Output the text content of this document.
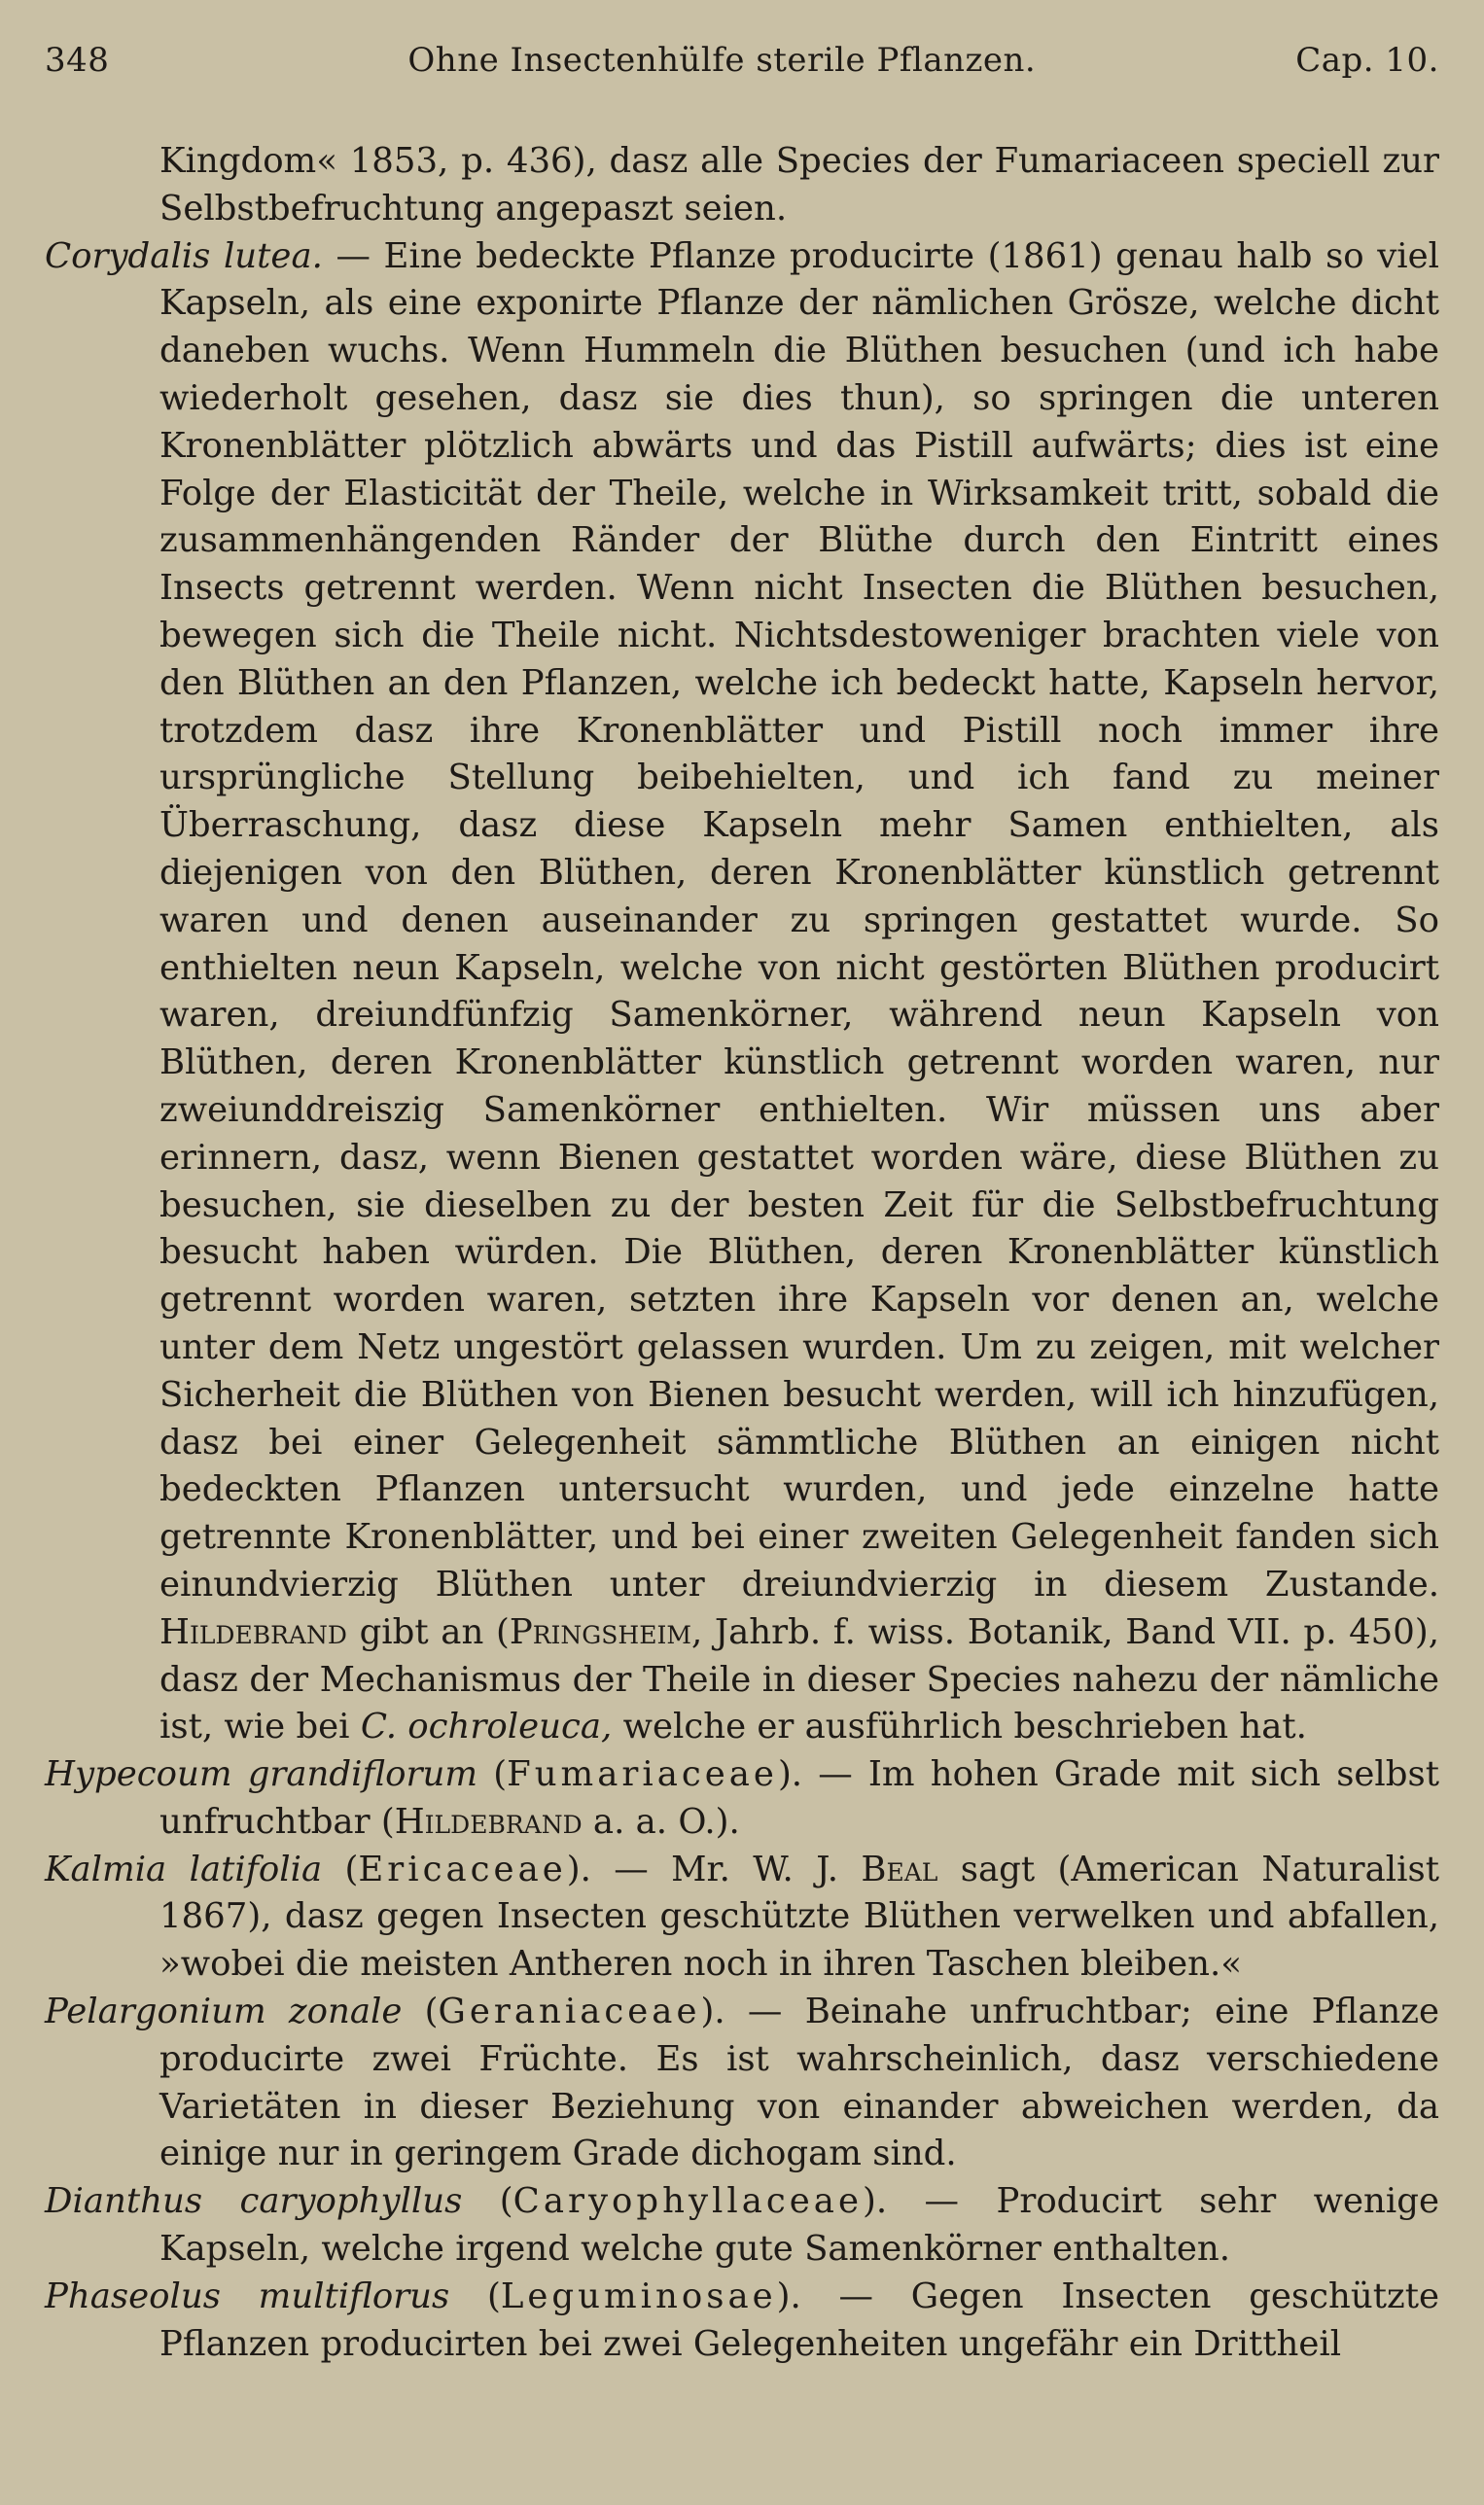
348	Ohne Insectenhülfe sterile Pflanzen.	Cap. 10.

Kingdom« 1853, p. 436), dasz alle Species der Fumariaceen speciell zur Selbstbefruchtung angepaszt seien.

Corydalis lutea. — Eine bedeckte Pflanze producirte (1861) genau halb so viel Kapseln, als eine exponirte Pflanze der nämlichen Grösze, welche dicht daneben wuchs. Wenn Hummeln die Blüthen besuchen (und ich habe wiederholt gesehen, dasz sie dies thun), so springen die unteren Kronenblätter plötzlich abwärts und das Pistill aufwärts; dies ist eine Folge der Elasticität der Theile, welche in Wirksamkeit tritt, sobald die zusammenhängenden Ränder der Blüthe durch den Eintritt eines Insects getrennt werden. Wenn nicht Insecten die Blüthen besuchen, bewegen sich die Theile nicht. Nichtsdestoweniger brachten viele von den Blüthen an den Pflanzen, welche ich bedeckt hatte, Kapseln hervor, trotzdem dasz ihre Kronenblätter und Pistill noch immer ihre ursprüngliche Stellung beibehielten, und ich fand zu meiner Überraschung, dasz diese Kapseln mehr Samen enthielten, als diejenigen von den Blüthen, deren Kronenblätter künstlich getrennt waren und denen auseinander zu springen gestattet wurde. So enthielten neun Kapseln, welche von nicht gestörten Blüthen producirt waren, dreiundfünfzig Samenkörner, während neun Kapseln von Blüthen, deren Kronenblätter künstlich getrennt worden waren, nur zweiunddreiszig Samenkörner enthielten. Wir müssen uns aber erinnern, dasz, wenn Bienen gestattet worden wäre, diese Blüthen zu besuchen, sie dieselben zu der besten Zeit für die Selbstbefruchtung besucht haben würden. Die Blüthen, deren Kronenblätter künstlich getrennt worden waren, setzten ihre Kapseln vor denen an, welche unter dem Netz ungestört gelassen wurden. Um zu zeigen, mit welcher Sicherheit die Blüthen von Bienen besucht werden, will ich hinzufügen, dasz bei einer Gelegenheit sämmtliche Blüthen an einigen nicht bedeckten Pflanzen untersucht wurden, und jede einzelne hatte getrennte Kronenblätter, und bei einer zweiten Gelegenheit fanden sich einundvierzig Blüthen unter dreiundvierzig in diesem Zustande. Hildebrand gibt an (Pringsheim, Jahrb. f. wiss. Botanik, Band VII. p. 450), dasz der Mechanismus der Theile in dieser Species nahezu der nämliche ist, wie bei C. ochroleuca, welche er ausführlich beschrieben hat.

Hypecoum grandiflorum (Fumariaceae). — Im hohen Grade mit sich selbst unfruchtbar (Hildebrand a. a. O.).

Kalmia latifolia (Ericaceae). — Mr. W. J. Beal sagt (American Naturalist 1867), dasz gegen Insecten geschützte Blüthen verwelken und abfallen, »wobei die meisten Antheren noch in ihren Taschen bleiben.«

Pelargonium zonale (Geraniaceae). — Beinahe unfruchtbar; eine Pflanze producirte zwei Früchte. Es ist wahrscheinlich, dasz verschiedene Varietäten in dieser Beziehung von einander abweichen werden, da einige nur in geringem Grade dichogam sind.

Dianthus caryophyllus (Caryophyllaceae). — Producirt sehr wenige Kapseln, welche irgend welche gute Samenkörner enthalten.

Phaseolus multiflorus (Leguminosae). — Gegen Insecten geschützte Pflanzen producirten bei zwei Gelegenheiten ungefähr ein Drittheil
